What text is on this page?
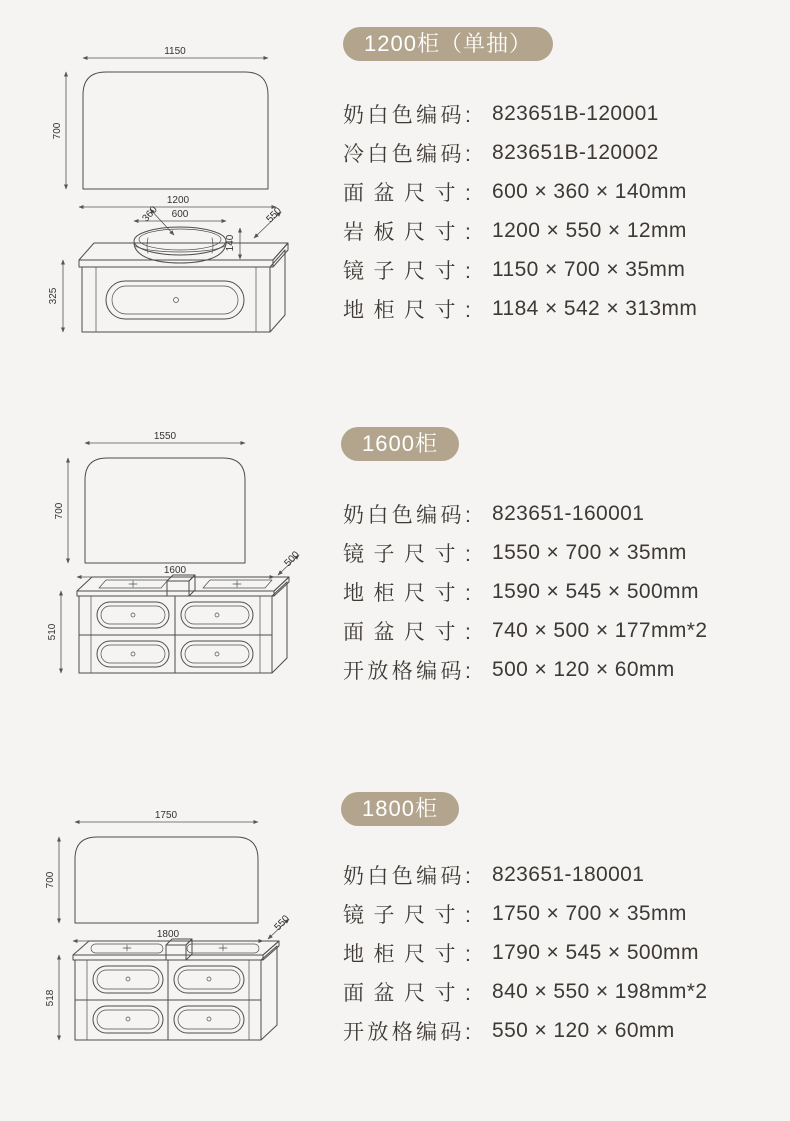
1200柜（单抽）
1150
700
1200
600
360
140
550
325
奶白色编码: 823651B-120001
冷白色编码: 823651B-120002
面盆尺寸: 600 × 360 × 140mm
岩板尺寸: 1200 × 550 × 12mm
镜子尺寸: 1150 × 700 × 35mm
地柜尺寸: 1184 × 542 × 313mm
1600柜
1550
700
1600
500
510
奶白色编码: 823651-160001
镜子尺寸: 1550 × 700 × 35mm
地柜尺寸: 1590 × 545 × 500mm
面盆尺寸: 740 × 500 × 177mm*2
开放格编码: 500 × 120 × 60mm
1800柜
1750
700
1800
550
518
奶白色编码: 823651-180001
镜子尺寸: 1750 × 700 × 35mm
地柜尺寸: 1790 × 545 × 500mm
面盆尺寸: 840 × 550 × 198mm*2
开放格编码: 550 × 120 × 60mm
